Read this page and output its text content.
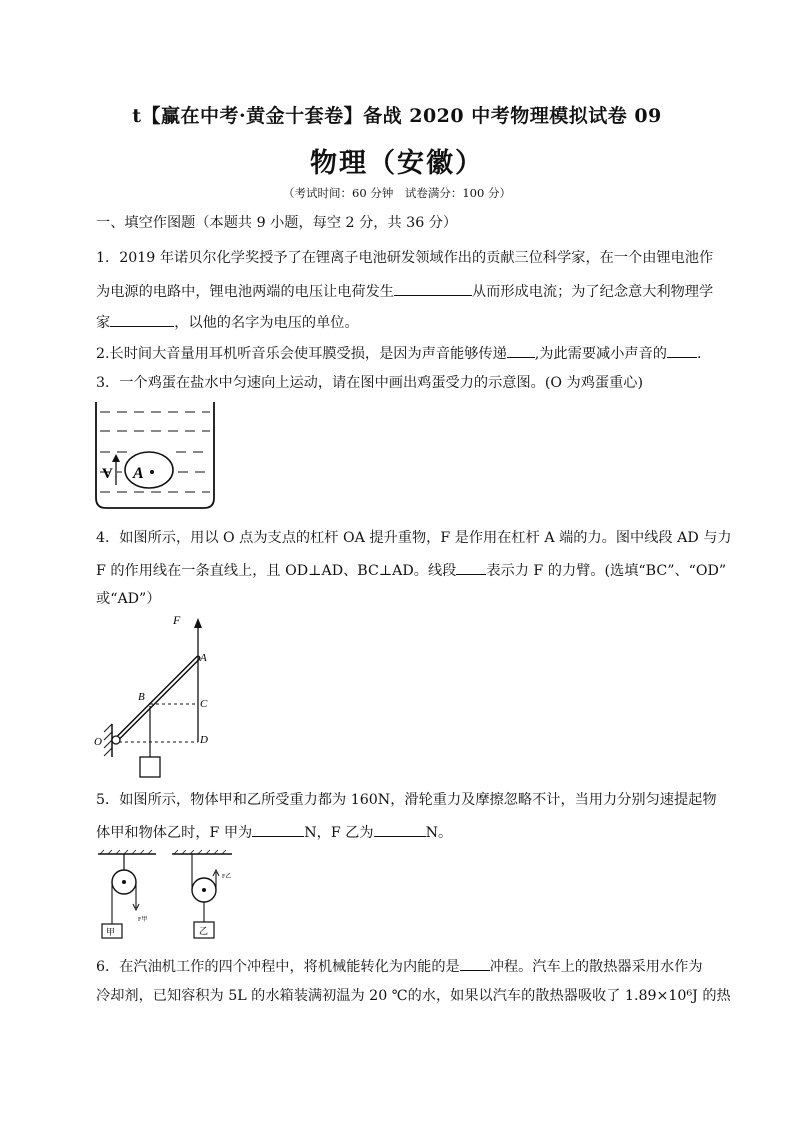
t【赢在中考·黄金十套卷】备战 2020 中考物理模拟试卷 09
物理（安徽）
（考试时间：60 分钟　试卷满分：100 分）
一、填空作图题（本题共 9 小题，每空 2 分，共 36 分）
1．2019 年诺贝尔化学奖授予了在锂离子电池研发领域作出的贡献三位科学家，在一个由锂电池作
为电源的电路中，锂电池两端的电压让电荷发生	从而形成电流；为了纪念意大利物理学
家	，以他的名字为电压的单位。
2.长时间大音量用耳机听音乐会使耳膜受损，是因为声音能够传递 ,为此需要减小声音的 .
3．一个鸡蛋在盐水中匀速向上运动，请在图中画出鸡蛋受力的示意图。(O 为鸡蛋重心)
V A
4．如图所示，用以 O 点为支点的杠杆 OA 提升重物，F 是作用在杠杆 A 端的力。图中线段 AD 与力
F 的作用线在一条直线上，且 OD⊥AD、BC⊥AD。线段 表示力 F 的力臂。(选填“BC”、“OD”
或“AD”）
F
A
B
C
O	D
5．如图所示，物体甲和乙所受重力都为 160N，滑轮重力及摩擦忽略不计，当用力分别匀速提起物
体甲和物体乙时，F 甲为	N，F 乙为	N。
F甲
甲
F乙
乙
6．在汽油机工作的四个冲程中，将机械能转化为内能的是 冲程。汽车上的散热器采用水作为
冷却剂，已知容积为 5L 的水箱装满初温为 20 ℃的水，如果以汽车的散热器吸收了 1.89×10⁶J 的热
